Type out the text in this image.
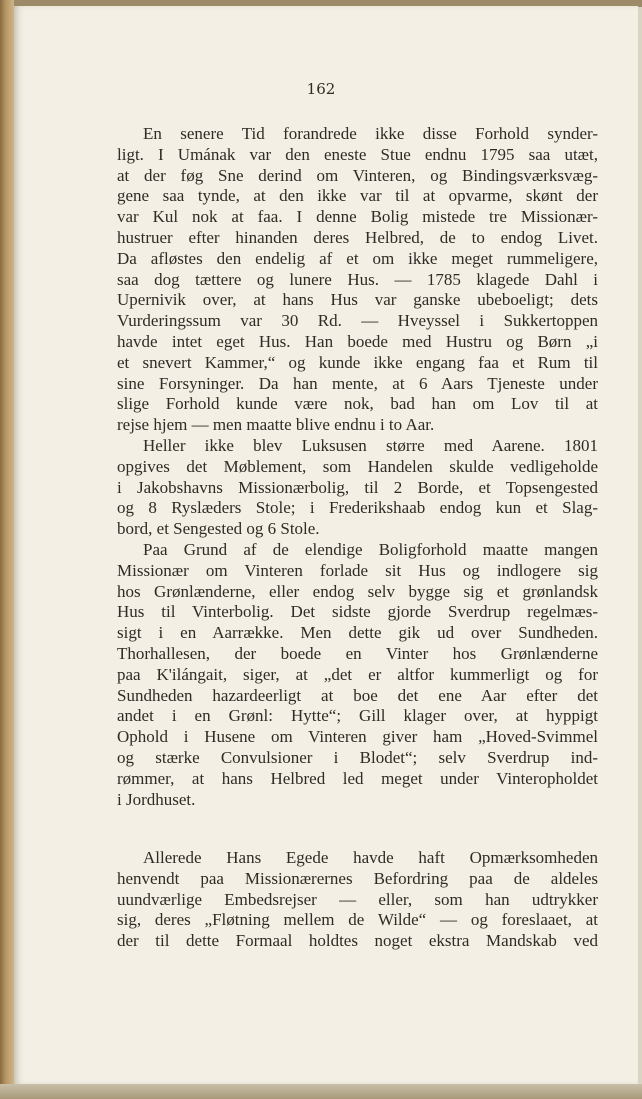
162

En senere Tid forandrede ikke disse Forhold synder-
ligt. I Umának var den eneste Stue endnu 1795 saa utæt,
at der føg Sne derind om Vinteren, og Bindingsværksvæg-
gene saa tynde, at den ikke var til at opvarme, skønt der
var Kul nok at faa. I denne Bolig mistede tre Missionær-
hustruer efter hinanden deres Helbred, de to endog Livet.
Da afløstes den endelig af et om ikke meget rummeligere,
saa dog tættere og lunere Hus. — 1785 klagede Dahl i
Upernivik over, at hans Hus var ganske ubeboeligt; dets
Vurderingssum var 30 Rd. — Hveyssel i Sukkertoppen
havde intet eget Hus. Han boede med Hustru og Børn „i
et snevert Kammer,“ og kunde ikke engang faa et Rum til
sine Forsyninger. Da han mente, at 6 Aars Tjeneste under
slige Forhold kunde være nok, bad han om Lov til at
rejse hjem — men maatte blive endnu i to Aar.

Heller ikke blev Luksusen større med Aarene. 1801
opgives det Møblement, som Handelen skulde vedligeholde
i Jakobshavns Missionærbolig, til 2 Borde, et Topsengested
og 8 Ryslæders Stole; i Frederikshaab endog kun et Slag-
bord, et Sengested og 6 Stole.

Paa Grund af de elendige Boligforhold maatte mangen
Missionær om Vinteren forlade sit Hus og indlogere sig
hos Grønlænderne, eller endog selv bygge sig et grønlandsk
Hus til Vinterbolig. Det sidste gjorde Sverdrup regelmæs-
sigt i en Aarrække. Men dette gik ud over Sundheden.
Thorhallesen, der boede en Vinter hos Grønlænderne
paa K'ilángait, siger, at „det er altfor kummerligt og for
Sundheden hazardeerligt at boe det ene Aar efter det
andet i en Grønl: Hytte“; Gill klager over, at hyppigt
Ophold i Husene om Vinteren giver ham „Hoved-Svimmel
og stærke Convulsioner i Blodet“; selv Sverdrup ind-
rømmer, at hans Helbred led meget under Vinteropholdet
i Jordhuset.

Allerede Hans Egede havde haft Opmærksomheden
henvendt paa Missionærernes Befordring paa de aldeles
uundværlige Embedsrejser — eller, som han udtrykker
sig, deres „Fløtning mellem de Wilde“ — og foreslaaet, at
der til dette Formaal holdtes noget ekstra Mandskab ved
